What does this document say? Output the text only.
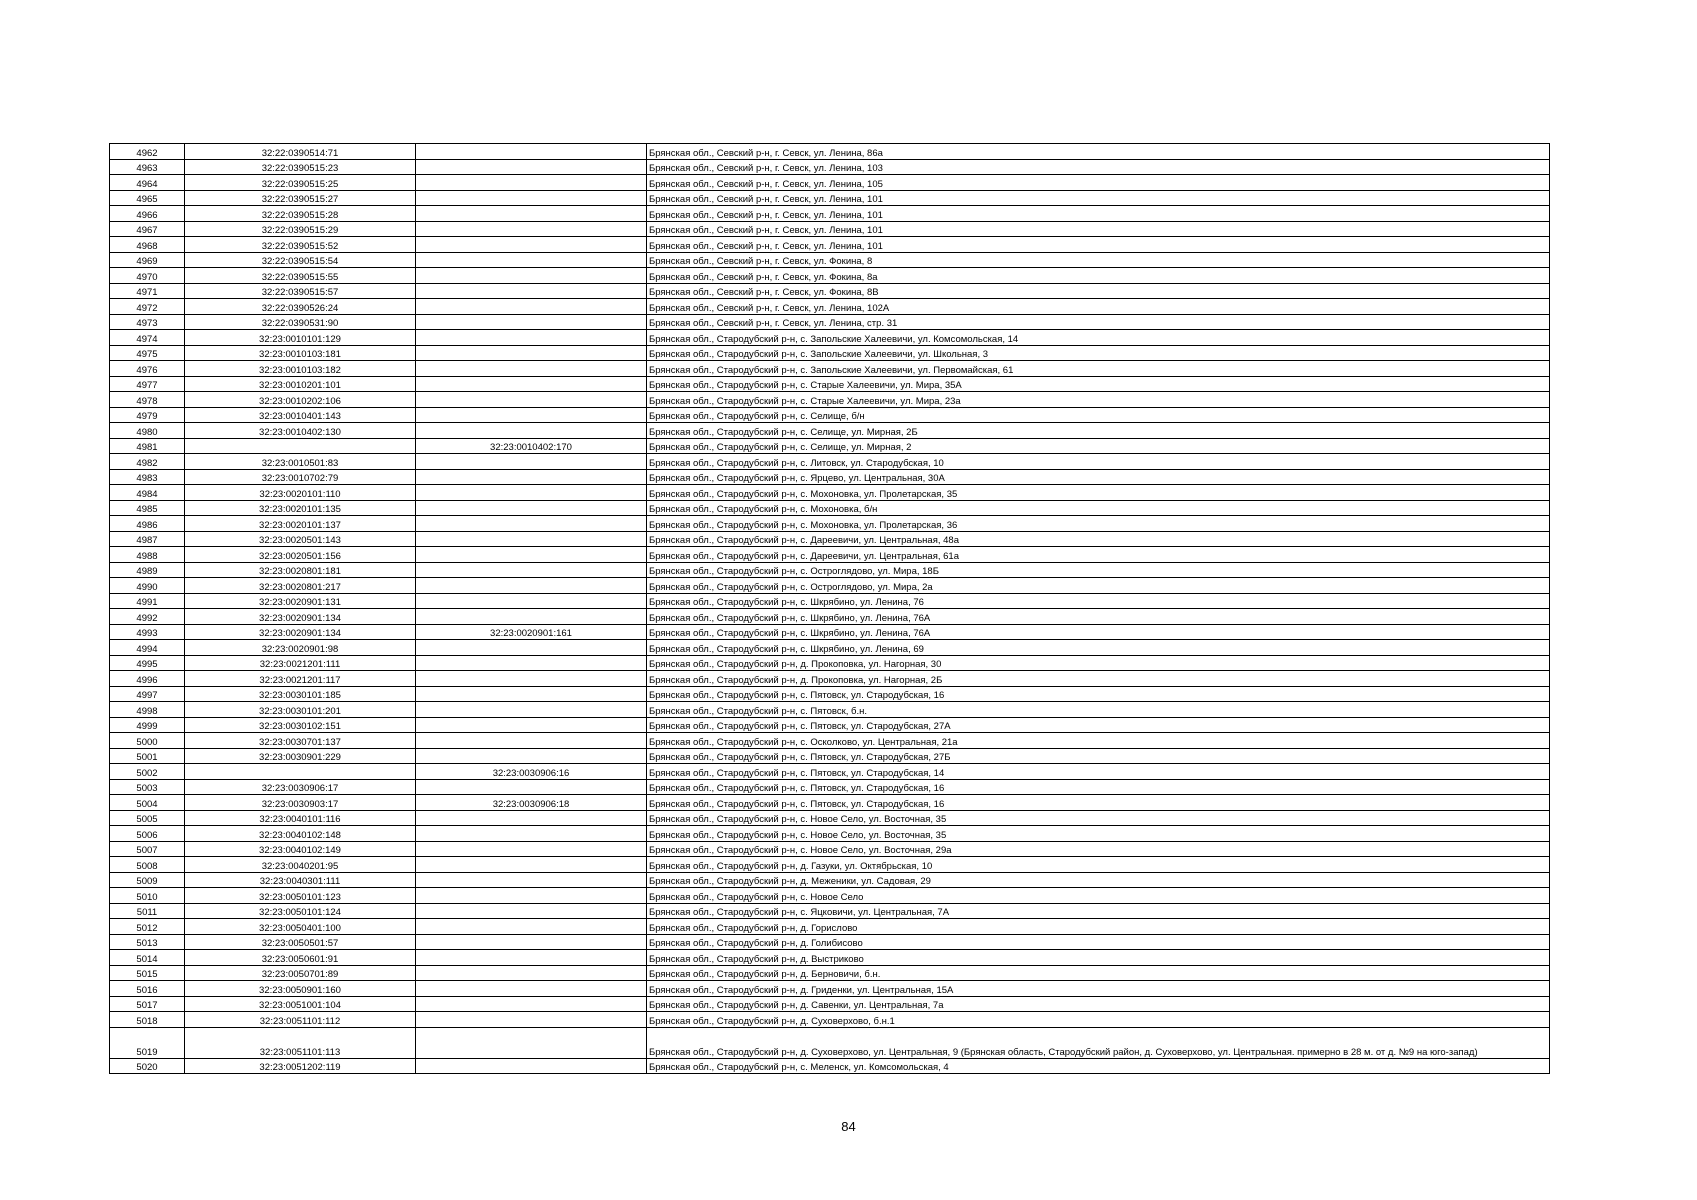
4962	32:22:0390514:71		Брянская обл., Севский р-н, г. Севск, ул. Ленина, 86а
4963	32:22:0390515:23		Брянская обл., Севский р-н, г. Севск, ул. Ленина, 103
4964	32:22:0390515:25		Брянская обл., Севский р-н, г. Севск, ул. Ленина, 105
4965	32:22:0390515:27		Брянская обл., Севский р-н, г. Севск, ул. Ленина, 101
4966	32:22:0390515:28		Брянская обл., Севский р-н, г. Севск, ул. Ленина, 101
4967	32:22:0390515:29		Брянская обл., Севский р-н, г. Севск, ул. Ленина, 101
4968	32:22:0390515:52		Брянская обл., Севский р-н, г. Севск, ул. Ленина, 101
4969	32:22:0390515:54		Брянская обл., Севский р-н, г. Севск, ул. Фокина, 8
4970	32:22:0390515:55		Брянская обл., Севский р-н, г. Севск, ул. Фокина, 8а
4971	32:22:0390515:57		Брянская обл., Севский р-н, г. Севск, ул. Фокина, 8В
4972	32:22:0390526:24		Брянская обл., Севский р-н, г. Севск, ул. Ленина, 102А
4973	32:22:0390531:90		Брянская обл., Севский р-н, г. Севск, ул. Ленина, стр. 31
4974	32:23:0010101:129		Брянская обл., Стародубский р-н, с. Запольские Халеевичи, ул. Комсомольская, 14
4975	32:23:0010103:181		Брянская обл., Стародубский р-н, с. Запольские Халеевичи, ул. Школьная, 3
4976	32:23:0010103:182		Брянская обл., Стародубский р-н, с. Запольские Халеевичи, ул. Первомайская, 61
4977	32:23:0010201:101		Брянская обл., Стародубский р-н, с. Старые Халеевичи, ул. Мира, 35А
4978	32:23:0010202:106		Брянская обл., Стародубский р-н, с. Старые Халеевичи, ул. Мира, 23а
4979	32:23:0010401:143		Брянская обл., Стародубский р-н, с. Селище, б/н
4980	32:23:0010402:130		Брянская обл., Стародубский р-н, с. Селище, ул. Мирная, 2Б
4981		32:23:0010402:170	Брянская обл., Стародубский р-н, с. Селище, ул. Мирная, 2
4982	32:23:0010501:83		Брянская обл., Стародубский р-н, с. Литовск, ул. Стародубская, 10
4983	32:23:0010702:79		Брянская обл., Стародубский р-н, с. Ярцево, ул. Центральная, 30А
4984	32:23:0020101:110		Брянская обл., Стародубский р-н, с. Мохоновка, ул. Пролетарская, 35
4985	32:23:0020101:135		Брянская обл., Стародубский р-н, с. Мохоновка, б/н
4986	32:23:0020101:137		Брянская обл., Стародубский р-н, с. Мохоновка, ул. Пролетарская, 36
4987	32:23:0020501:143		Брянская обл., Стародубский р-н, с. Дареевичи, ул. Центральная, 48а
4988	32:23:0020501:156		Брянская обл., Стародубский р-н, с. Дареевичи, ул. Центральная, 61а
4989	32:23:0020801:181		Брянская обл., Стародубский р-н, с. Остроглядово, ул. Мира, 18Б
4990	32:23:0020801:217		Брянская обл., Стародубский р-н, с. Остроглядово, ул. Мира, 2а
4991	32:23:0020901:131		Брянская обл., Стародубский р-н, с. Шкрябино, ул. Ленина, 76
4992	32:23:0020901:134		Брянская обл., Стародубский р-н, с. Шкрябино, ул. Ленина, 76А
4993	32:23:0020901:134	32:23:0020901:161	Брянская обл., Стародубский р-н, с. Шкрябино, ул. Ленина, 76А
4994	32:23:0020901:98		Брянская обл., Стародубский р-н, с. Шкрябино, ул. Ленина, 69
4995	32:23:0021201:111		Брянская обл., Стародубский р-н, д. Прокоповка, ул. Нагорная, 30
4996	32:23:0021201:117		Брянская обл., Стародубский р-н, д. Прокоповка, ул. Нагорная, 2Б
4997	32:23:0030101:185		Брянская обл., Стародубский р-н, с. Пятовск, ул. Стародубская, 16
4998	32:23:0030101:201		Брянская обл., Стародубский р-н, с. Пятовск, б.н.
4999	32:23:0030102:151		Брянская обл., Стародубский р-н, с. Пятовск, ул. Стародубская, 27А
5000	32:23:0030701:137		Брянская обл., Стародубский р-н, с. Осколково, ул. Центральная, 21а
5001	32:23:0030901:229		Брянская обл., Стародубский р-н, с. Пятовск, ул. Стародубская, 27Б
5002		32:23:0030906:16	Брянская обл., Стародубский р-н, с. Пятовск, ул. Стародубская, 14
5003	32:23:0030906:17		Брянская обл., Стародубский р-н, с. Пятовск, ул. Стародубская, 16
5004	32:23:0030903:17	32:23:0030906:18	Брянская обл., Стародубский р-н, с. Пятовск, ул. Стародубская, 16
5005	32:23:0040101:116		Брянская обл., Стародубский р-н, с. Новое Село, ул. Восточная, 35
5006	32:23:0040102:148		Брянская обл., Стародубский р-н, с. Новое Село, ул. Восточная, 35
5007	32:23:0040102:149		Брянская обл., Стародубский р-н, с. Новое Село, ул. Восточная, 29а
5008	32:23:0040201:95		Брянская обл., Стародубский р-н, д. Газуки, ул. Октябрьская, 10
5009	32:23:0040301:111		Брянская обл., Стародубский р-н, д. Меженики, ул. Садовая, 29
5010	32:23:0050101:123		Брянская обл., Стародубский р-н, с. Новое Село
5011	32:23:0050101:124		Брянская обл., Стародубский р-н, с. Яцковичи, ул. Центральная, 7А
5012	32:23:0050401:100		Брянская обл., Стародубский р-н, д. Горислово
5013	32:23:0050501:57		Брянская обл., Стародубский р-н, д. Голибисово
5014	32:23:0050601:91		Брянская обл., Стародубский р-н, д. Выстриково
5015	32:23:0050701:89		Брянская обл., Стародубский р-н, д. Берновичи, б.н.
5016	32:23:0050901:160		Брянская обл., Стародубский р-н, д. Гриденки, ул. Центральная, 15А
5017	32:23:0051001:104		Брянская обл., Стародубский р-н, д. Савенки, ул. Центральная, 7а
5018	32:23:0051101:112		Брянская обл., Стародубский р-н, д. Суховерхово, б.н.1
5019	32:23:0051101:113		Брянская обл., Стародубский р-н, д. Суховерхово, ул. Центральная, 9 (Брянская область, Стародубский район, д. Суховерхово, ул. Центральная. примерно в 28 м. от д. №9 на юго-запад)
5020	32:23:0051202:119		Брянская обл., Стародубский р-н, с. Меленск, ул. Комсомольская, 4
84
